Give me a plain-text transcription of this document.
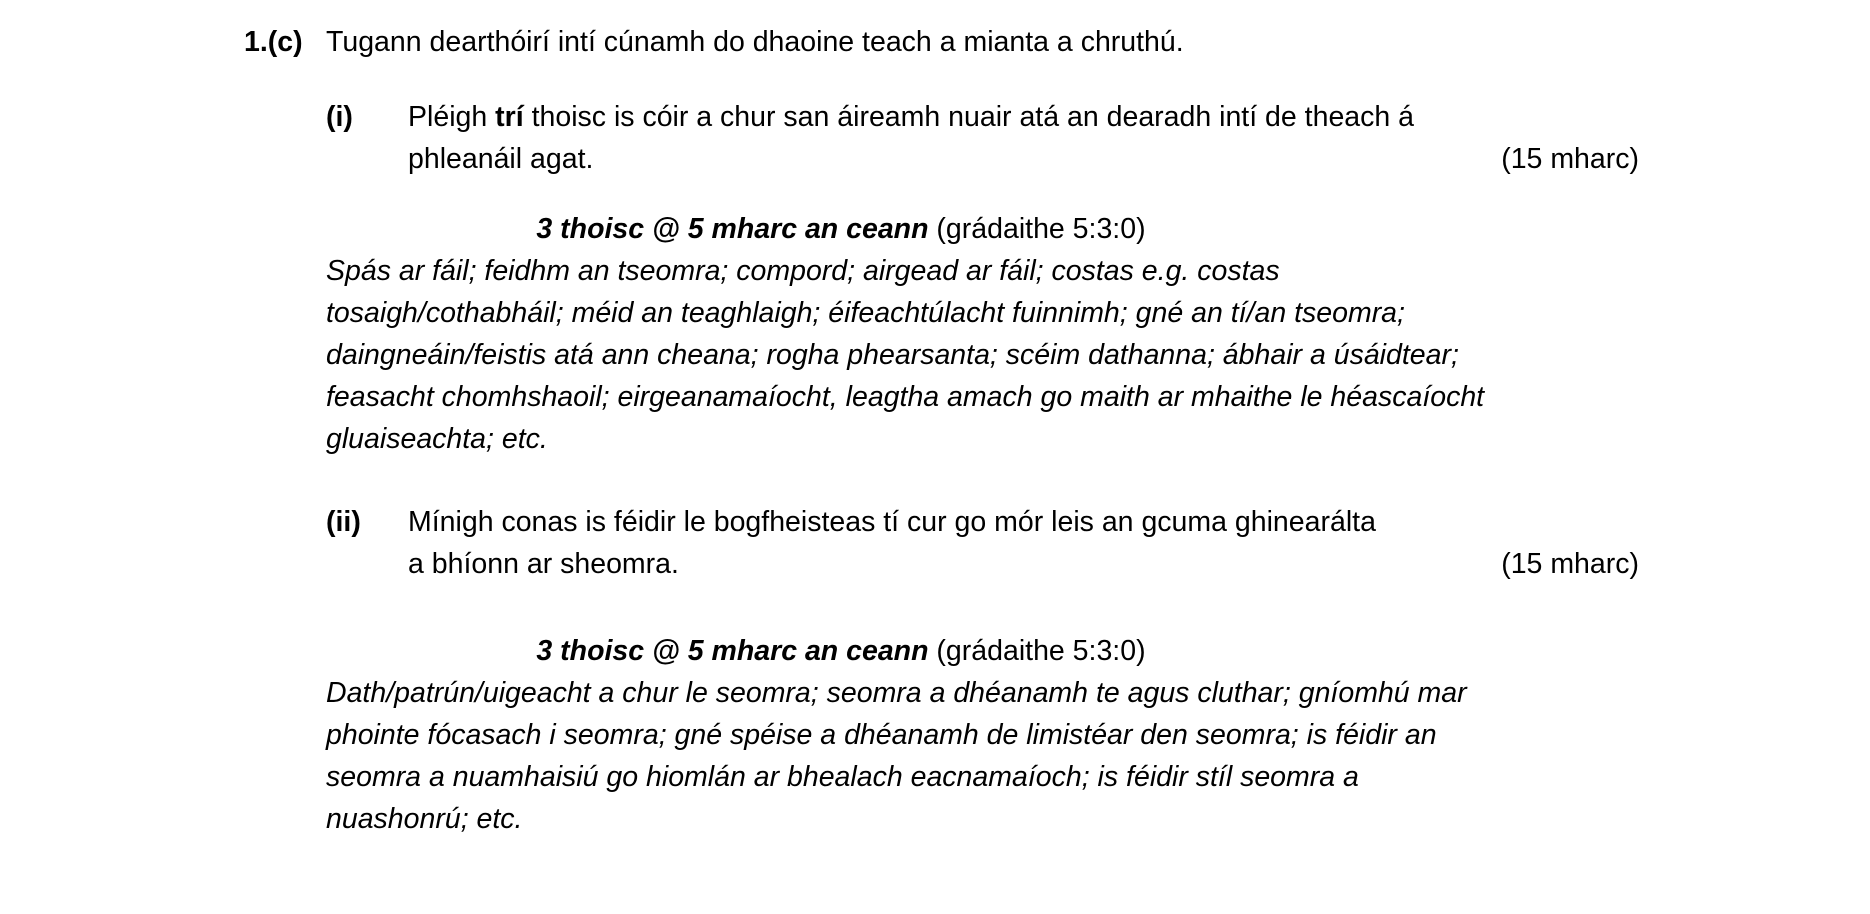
1.(c) Tugann dearthóirí intí cúnamh do dhaoine teach a mianta a chruthú.
(i) Pléigh trí thoisc is cóir a chur san áireamh nuair atá an dearadh intí de theach á
phleanáil agat.	(15 mharc)
3 thoisc @ 5 mharc an ceann (grádaithe 5:3:0)
Spás ar fáil; feidhm an tseomra; compord; airgead ar fáil; costas e.g. costas
tosaigh/cothabháil; méid an teaghlaigh; éifeachtúlacht fuinnimh; gné an tí/an tseomra;
daingneáin/feistis atá ann cheana; rogha phearsanta; scéim dathanna; ábhair a úsáidtear;
feasacht chomhshaoil; eirgeanamaíocht, leagtha amach go maith ar mhaithe le héascaíocht
gluaiseachta; etc.
(ii) Mínigh conas is féidir le bogfheisteas tí cur go mór leis an gcuma ghinearálta
a bhíonn ar sheomra.	(15 mharc)
3 thoisc @ 5 mharc an ceann (grádaithe 5:3:0)
Dath/patrún/uigeacht a chur le seomra; seomra a dhéanamh te agus cluthar; gníomhú mar
phointe fócasach i seomra; gné spéise a dhéanamh de limistéar den seomra; is féidir an
seomra a nuamhaisiú go hiomlán ar bhealach eacnamaíoch; is féidir stíl seomra a
nuashonrú; etc.
